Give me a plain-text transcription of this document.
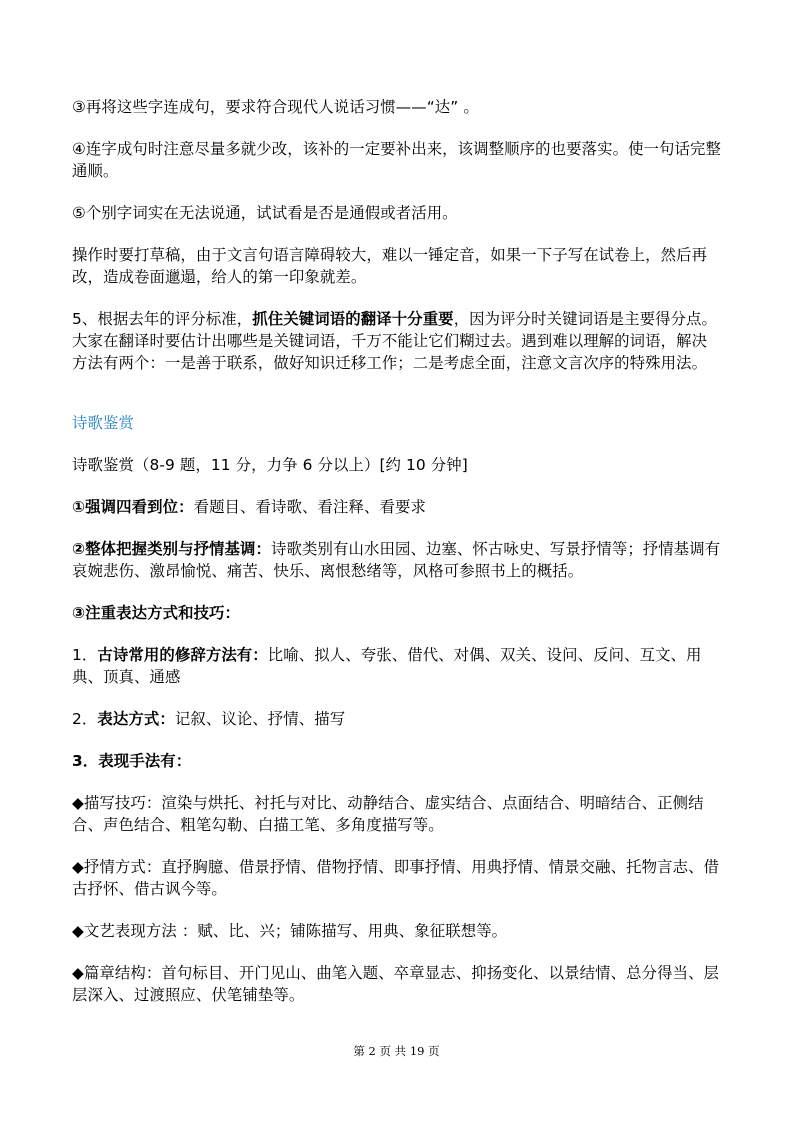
③再将这些字连成句，要求符合现代人说话习惯——“达” 。

④连字成句时注意尽量多就少改，该补的一定要补出来，该调整顺序的也要落实。使一句话完整通顺。

⑤个别字词实在无法说通，试试看是否是通假或者活用。

操作时要打草稿，由于文言句语言障碍较大，难以一锤定音，如果一下子写在试卷上，然后再改，造成卷面邋遢，给人的第一印象就差。

5、根据去年的评分标准，抓住关键词语的翻译十分重要，因为评分时关键词语是主要得分点。大家在翻译时要估计出哪些是关键词语，千万不能让它们糊过去。遇到难以理解的词语，解决方法有两个：一是善于联系，做好知识迁移工作；二是考虑全面，注意文言次序的特殊用法。

诗歌鉴赏

诗歌鉴赏（8-9 题，11 分，力争 6 分以上）[约 10 分钟]

①强调四看到位：看题目、看诗歌、看注释、看要求

②整体把握类别与抒情基调：诗歌类别有山水田园、边塞、怀古咏史、写景抒情等；抒情基调有哀婉悲伤、激昂愉悦、痛苦、快乐、离恨愁绪等，风格可参照书上的概括。

③注重表达方式和技巧：

1．古诗常用的修辞方法有：比喻、拟人、夸张、借代、对偶、双关、设问、反问、互文、用典、顶真、通感

2．表达方式：记叙、议论、抒情、描写

3．表现手法有：

◆描写技巧：渲染与烘托、衬托与对比、动静结合、虚实结合、点面结合、明暗结合、正侧结合、声色结合、粗笔勾勒、白描工笔、多角度描写等。

◆抒情方式：直抒胸臆、借景抒情、借物抒情、即事抒情、用典抒情、情景交融、托物言志、借古抒怀、借古讽今等。

◆文艺表现方法 ：赋、比、兴；铺陈描写、用典、象征联想等。

◆篇章结构：首句标目、开门见山、曲笔入题、卒章显志、抑扬变化、以景结情、总分得当、层层深入、过渡照应、伏笔铺垫等。

第 2 页 共 19 页
